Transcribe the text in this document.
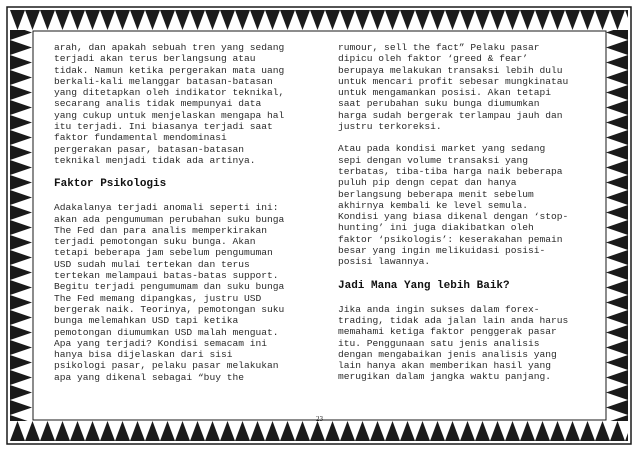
arah, dan apakah sebuah tren yang sedang

terjadi akan terus berlangsung atau

tidak. Namun ketika pergerakan mata uang

berkali-kali melanggar batasan-batasan

yang ditetapkan oleh indikator teknikal,

secarang analis tidak mempunyai data

yang cukup untuk menjelaskan mengapa hal

itu terjadi. Ini biasanya terjadi saat

faktor fundamental mendominasi

pergerakan pasar, batasan-batasan

teknikal menjadi tidak ada artinya.

Faktor Psikologis

Adakalanya terjadi anomali seperti ini:

akan ada pengumuman perubahan suku bunga

The Fed dan para analis memperkirakan

terjadi pemotongan suku bunga. Akan

tetapi beberapa jam sebelum pengumuman

USD sudah mulai tertekan dan terus

tertekan melampaui batas-batas support.

Begitu terjadi pengumumam dan suku bunga

The Fed memang dipangkas, justru USD

bergerak naik. Teorinya, pemotongan suku

bunga melemahkan USD tapi ketika

pemotongan diumumkan USD malah menguat.

Apa yang terjadi? Kondisi semacam ini

hanya bisa dijelaskan dari sisi

psikologi pasar, pelaku pasar melakukan

apa yang dikenal sebagai “buy the

rumour, sell the fact” Pelaku pasar

dipicu oleh faktor ‘greed & fear’

berupaya melakukan transaksi lebih dulu

untuk mencari profit sebesar mungkinatau

untuk mengamankan posisi. Akan tetapi

saat perubahan suku bunga diumumkan

harga sudah bergerak terlampau jauh dan

justru terkoreksi.

Atau pada kondisi market yang sedang

sepi dengan volume transaksi yang

terbatas, tiba-tiba harga naik beberapa

puluh pip dengn cepat dan hanya

berlangsung beberapa menit sebelum

akhirnya kembali ke level semula.

Kondisi yang biasa dikenal dengan ‘stop-

hunting’ ini juga diakibatkan oleh

faktor ‘psikologis’: keserakahan pemain

besar yang ingin melikuidasi posisi-

posisi lawannya.

Jadi Mana Yang lebih Baik?

Jika anda ingin sukses dalam forex-

trading, tidak ada jalan lain anda harus

memahami ketiga faktor penggerak pasar

itu. Penggunaan satu jenis analisis

dengan mengabaikan jenis analisis yang

lain hanya akan memberikan hasil yang

merugikan dalam jangka waktu panjang.

23
